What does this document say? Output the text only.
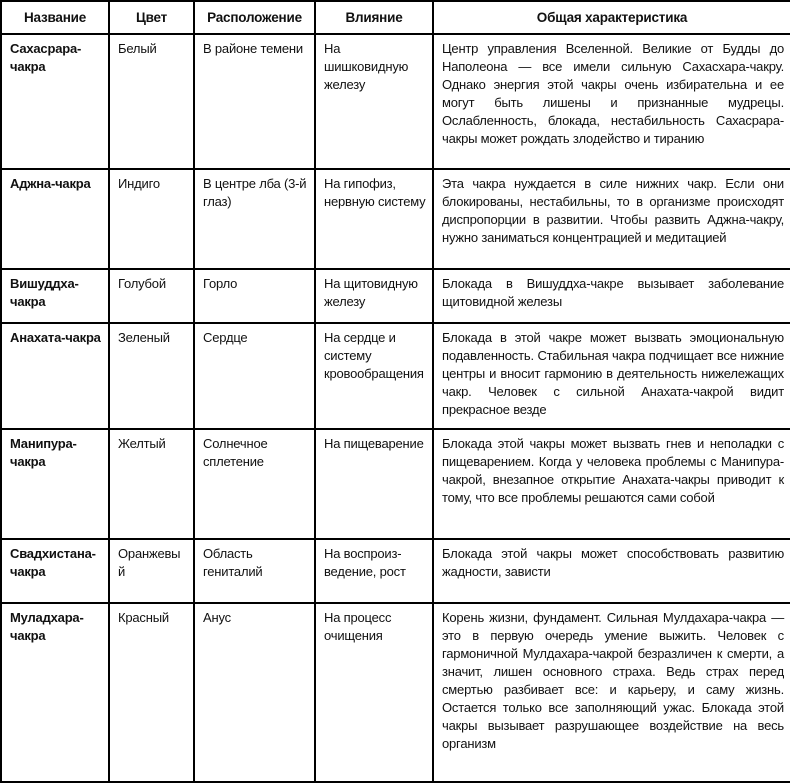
Название	Цвет	Расположение	Влияние	Общая характеристика
Сахасрара-чакра	Белый	В районе темени	На шишковидную железу	Центр управления Вселенной. Великие от Будды до Наполеона — все имели сильную Сахасхара-чакру. Однако энергия этой чакры очень избирательна и ее могут быть лишены и признанные мудрецы. Ослабленность, блокада, нестабильность Сахасрара-чакры может рождать злодейство и тиранию
Аджна-чакра	Индиго	В центре лба (3-й глаз)	На гипофиз, нервную систему	Эта чакра нуждается в силе нижних чакр. Если они блокированы, нестабильны, то в организме происходят диспропорции в развитии. Чтобы развить Аджна-чакру, нужно заниматься концентрацией и медитацией
Вишуддха-чакра	Голубой	Горло	На щитовидную железу	Блокада в Вишуддха-чакре вызывает заболевание щитовидной железы
Анахата-чакра	Зеленый	Сердце	На сердце и систему кровообращения	Блокада в этой чакре может вызвать эмоциональную подавленность. Стабильная чакра подчищает все нижние центры и вносит гармонию в деятельность нижележащих чакр. Человек с сильной Анахата-чакрой видит прекрасное везде
Манипура-чакра	Желтый	Солнечное сплетение	На пищеварение	Блокада этой чакры может вызвать гнев и неполадки с пищеварением. Когда у человека проблемы с Манипура-чакрой, внезапное открытие Анахата-чакры приводит к тому, что все проблемы решаются сами собой
Свадхистана-чакра	Оранжевый	Область гениталий	На воспроизведение, рост	Блокада этой чакры может способствовать развитию жадности, зависти
Муладхара-чакра	Красный	Анус	На процесс очищения	Корень жизни, фундамент. Сильная Мулдахара-чакра — это в первую очередь умение выжить. Человек с гармоничной Мулдахара-чакрой безразличен к смерти, а значит, лишен основного страха. Ведь страх перед смертью разбивает все: и карьеру, и саму жизнь. Остается только все заполняющий ужас. Блокада этой чакры вызывает разрушающее воздействие на весь организм
